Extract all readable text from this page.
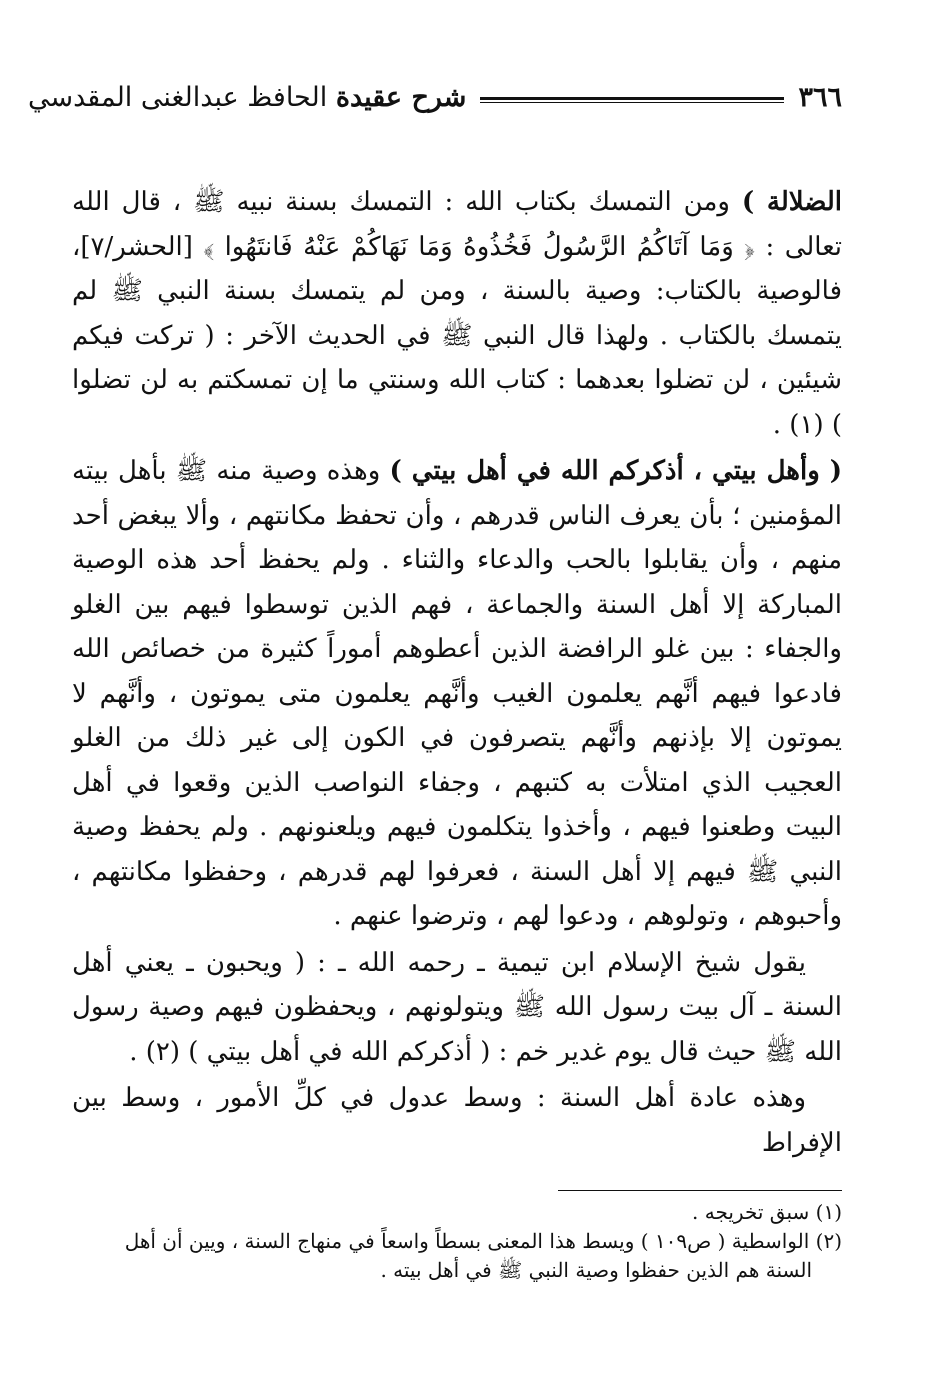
٣٦٦
شرح عقيدة الحافظ عبدالغنى المقدسي

الضلالة ) ومن التمسك بكتاب الله : التمسك بسنة نبيه ﷺ ، قال الله تعالى : ﴿ وَمَا آتَاكُمُ الرَّسُولُ فَخُذُوهُ وَمَا نَهَاكُمْ عَنْهُ فَانتَهُوا ﴾ [الحشر/٧]، فالوصية بالكتاب: وصية بالسنة ، ومن لم يتمسك بسنة النبي ﷺ لم يتمسك بالكتاب . ولهذا قال النبي ﷺ في الحديث الآخر : ( تركت فيكم شيئين ، لن تضلوا بعدهما : كتاب الله وسنتي ما إن تمسكتم به لن تضلوا ) (١) .

( وأهل بيتي ، أذكركم الله في أهل بيتي ) وهذه وصية منه ﷺ بأهل بيته المؤمنين ؛ بأن يعرف الناس قدرهم ، وأن تحفظ مكانتهم ، وألا يبغض أحد منهم ، وأن يقابلوا بالحب والدعاء والثناء . ولم يحفظ أحد هذه الوصية المباركة إلا أهل السنة والجماعة ، فهم الذين توسطوا فيهم بين الغلو والجفاء : بين غلو الرافضة الذين أعطوهم أموراً كثيرة من خصائص الله فادعوا فيهم أنَّهم يعلمون الغيب وأنَّهم يعلمون متى يموتون ، وأنَّهم لا يموتون إلا بإذنهم وأنَّهم يتصرفون في الكون إلى غير ذلك من الغلو العجيب الذي امتلأت به كتبهم ، وجفاء النواصب الذين وقعوا في أهل البيت وطعنوا فيهم ، وأخذوا يتكلمون فيهم ويلعنونهم . ولم يحفظ وصية النبي ﷺ فيهم إلا أهل السنة ، فعرفوا لهم قدرهم ، وحفظوا مكانتهم ، وأحبوهم ، وتولوهم ، ودعوا لهم ، وترضوا عنهم .

يقول شيخ الإسلام ابن تيمية ـ رحمه الله ـ : ( ويحبون ـ يعني أهل السنة ـ آل بيت رسول الله ﷺ ويتولونهم ، ويحفظون فيهم وصية رسول الله ﷺ حيث قال يوم غدير خم : ( أذكركم الله في أهل بيتي ) (٢) .

وهذه عادة أهل السنة : وسط عدول في كلِّ الأمور ، وسط بين الإفراط

(١) سبق تخريجه .

(٢) الواسطية ( ص١٠٩ ) ويسط هذا المعنى بسطاً واسعاً في منهاج السنة ، ويين أن أهل

السنة هم الذين حفظوا وصية النبي ﷺ في أهل بيته .
